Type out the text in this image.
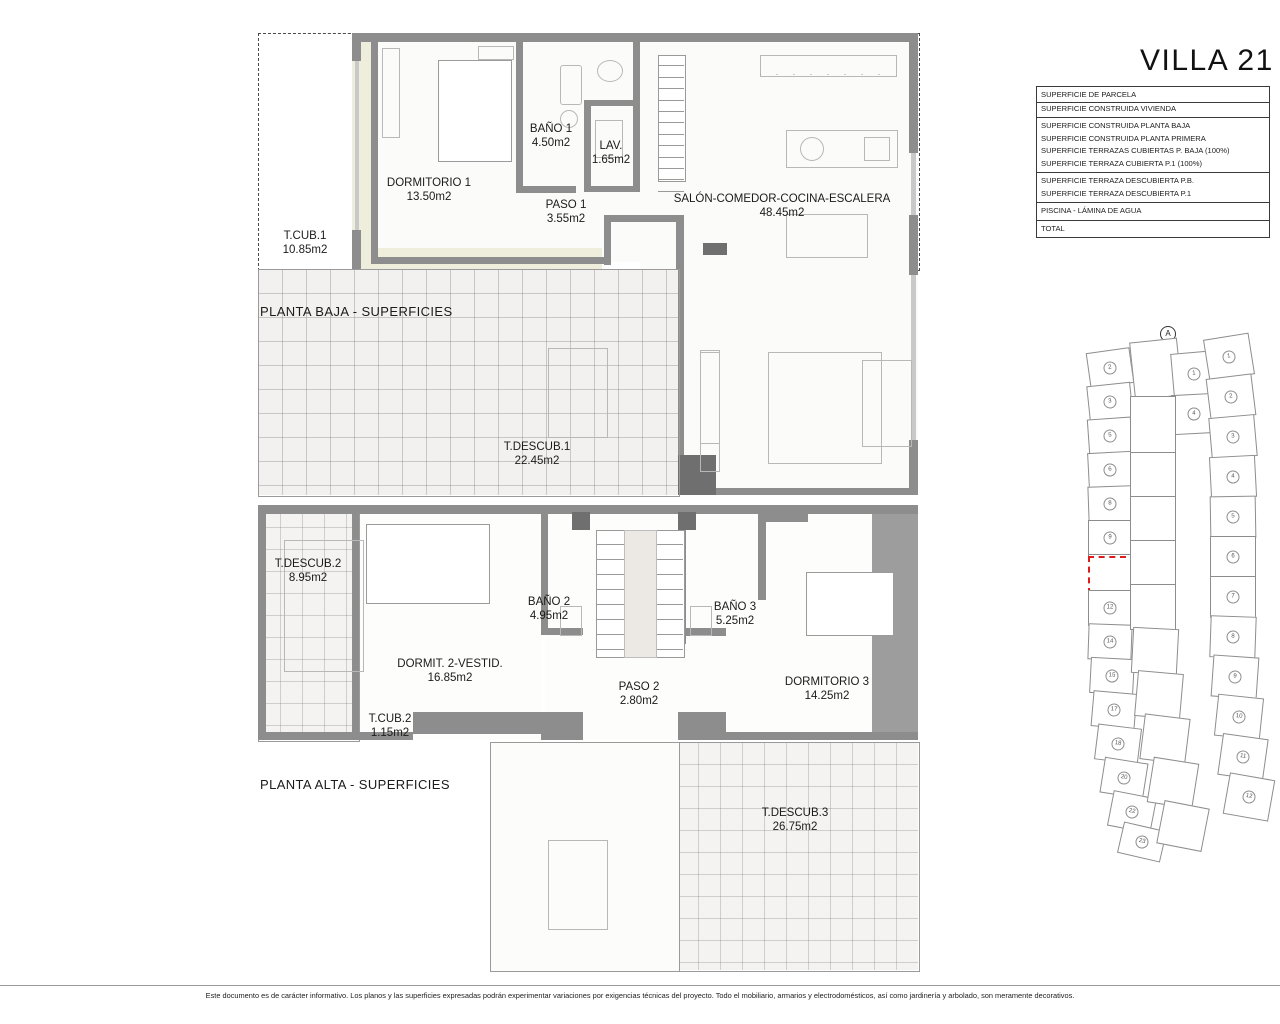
VILLA 21
SUPERFICIE DE PARCELA
SUPERFICIE CONSTRUIDA VIVIENDA
SUPERFICIE CONSTRUIDA PLANTA BAJA
SUPERFICIE CONSTRUIDA PLANTA PRIMERA
SUPERFICIE TERRAZAS CUBIERTAS P. BAJA (100%)
SUPERFICIE TERRAZA CUBIERTA P.1 (100%)
SUPERFICIE TERRAZA DESCUBIERTA P.B.
SUPERFICIE TERRAZA DESCUBIERTA P.1
PISCINA - LÁMINA DE AGUA
TOTAL
DORMITORIO 1
13.50m2
BAÑO 1
4.50m2	LAV.
1.65m2
PASO 1
3.55m2
SALÓN-COMEDOR-COCINA-ESCALERA
48.45m2
T.CUB.1
10.85m2
T.DESCUB.1
22.45m2
PLANTA BAJA - SUPERFICIES
T.DESCUB.2
8.95m2
DORMIT. 2-VESTID.
16.85m2
BAÑO 2
4.95m2
PASO 2
2.80m2
BAÑO 3
5.25m2
DORMITORIO 3
14.25m2
T.CUB.2
1.15m2
T.DESCUB.3
26.75m2
PLANTA ALTA - SUPERFICIES
A
2
3
5
6
8
9
12
14
15
17
18
20
22
23
1
4
1
2
3
4
5
6
7
8
9
10
11
12
Este documento es de carácter informativo. Los planos y las superficies expresadas podrán experimentar variaciones por exigencias técnicas del proyecto. Todo el mobiliario, armarios y electrodomésticos, así como jardinería y arbolado, son meramente decorativos.
